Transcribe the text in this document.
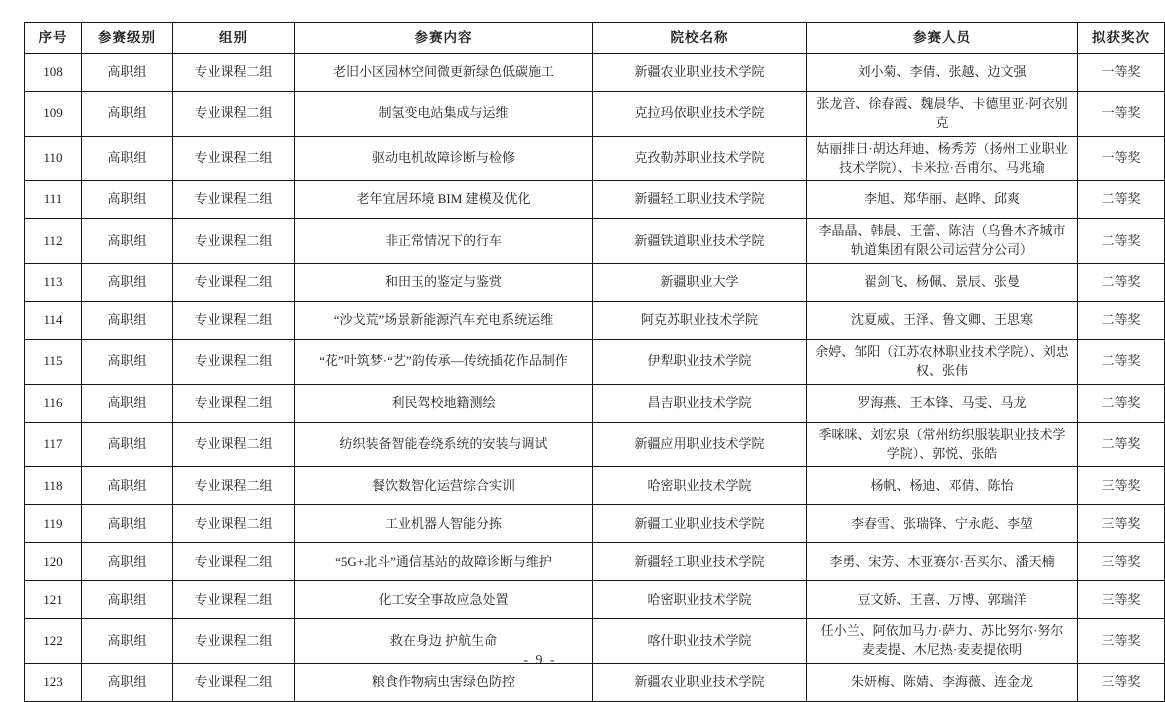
序号	参赛级别	组别	参赛内容	院校名称	参赛人员	拟获奖次
108	高职组	专业课程二组	老旧小区园林空间微更新绿色低碳施工	新疆农业职业技术学院	刘小菊、李倩、张越、边文强	一等奖
109	高职组	专业课程二组	制氢变电站集成与运维	克拉玛依职业技术学院	张龙音、徐春霞、魏晨华、卡德里亚·阿衣别克	一等奖
110	高职组	专业课程二组	驱动电机故障诊断与检修	克孜勒苏职业技术学院	姑丽排日·胡达拜迪、杨秀芳（扬州工业职业技术学院）、卡米拉·吾甫尔、马兆瑜	一等奖
111	高职组	专业课程二组	老年宜居环境 BIM 建模及优化	新疆轻工职业技术学院	李旭、郑华丽、赵晔、邱爽	二等奖
112	高职组	专业课程二组	非正常情况下的行车	新疆铁道职业技术学院	李晶晶、韩晨、王蕾、陈洁（乌鲁木齐城市轨道集团有限公司运营分公司）	二等奖
113	高职组	专业课程二组	和田玉的鉴定与鉴赏	新疆职业大学	翟剑飞、杨佩、景辰、张曼	二等奖
114	高职组	专业课程二组	“沙戈荒”场景新能源汽车充电系统运维	阿克苏职业技术学院	沈夏威、王泽、鲁文卿、王思寒	二等奖
115	高职组	专业课程二组	“花”叶筑梦·“艺”韵传承—传统插花作品制作	伊犁职业技术学院	余婷、邹阳（江苏农林职业技术学院）、刘忠权、张伟	二等奖
116	高职组	专业课程二组	利民驾校地籍测绘	昌吉职业技术学院	罗海燕、王本锋、马雯、马龙	二等奖
117	高职组	专业课程二组	纺织装备智能卷绕系统的安装与调试	新疆应用职业技术学院	季咪咪、刘宏泉（常州纺织服装职业技术学学院）、郭悦、张皓	二等奖
118	高职组	专业课程二组	餐饮数智化运营综合实训	哈密职业技术学院	杨帆、杨迪、邓倩、陈怡	三等奖
119	高职组	专业课程二组	工业机器人智能分拣	新疆工业职业技术学院	李春雪、张瑞锋、宁永彪、李堃	三等奖
120	高职组	专业课程二组	“5G+北斗”通信基站的故障诊断与维护	新疆轻工职业技术学院	李勇、宋芳、木亚赛尔·吾买尔、潘天楠	三等奖
121	高职组	专业课程二组	化工安全事故应急处置	哈密职业技术学院	豆文娇、王喜、万博、郭瑞洋	三等奖
122	高职组	专业课程二组	救在身边 护航生命	喀什职业技术学院	任小兰、阿依加马力·萨力、苏比努尔·努尔麦麦提、木尼热·麦麦提依明	三等奖
123	高职组	专业课程二组	粮食作物病虫害绿色防控	新疆农业职业技术学院	朱妍梅、陈婧、李海薇、连金龙	三等奖
- 9 -
